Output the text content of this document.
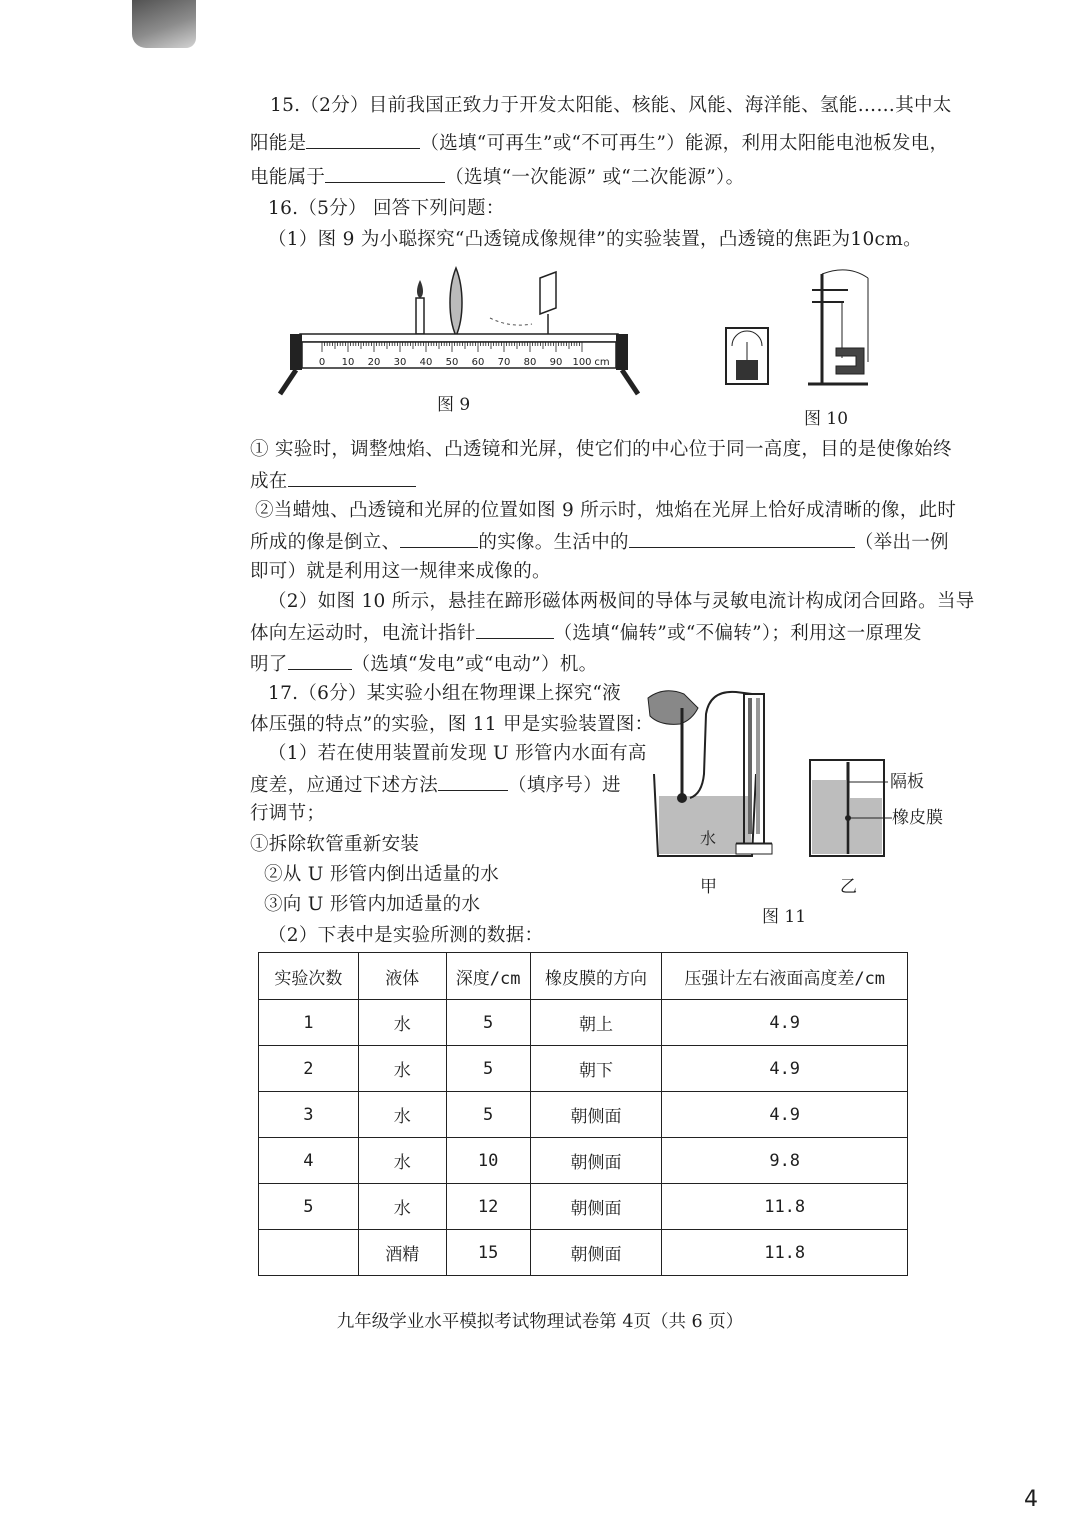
15.（2分）目前我国正致力于开发太阳能、核能、风能、海洋能、氢能……其中太
阳能是	（选填“可再生”或“不可再生”）能源，利用太阳能电池板发电，
电能属于	（选填“一次能源” 或“二次能源”）。
16.（5分） 回答下列问题：
（1）图 9 为小聪探究“凸透镜成像规律”的实验装置，凸透镜的焦距为10cm。
0 10 20 30 40 50 60 70 80 90 100 cm
图 9
图 10
① 实验时，调整烛焰、凸透镜和光屏，使它们的中心位于同一高度，目的是使像始终
成在
②当蜡烛、凸透镜和光屏的位置如图 9 所示时，烛焰在光屏上恰好成清晰的像，此时
所成的像是倒立、	的实像。生活中的	（举出一例
即可）就是利用这一规律来成像的。
（2）如图 10 所示，悬挂在蹄形磁体两极间的导体与灵敏电流计构成闭合回路。当导
体向左运动时，电流计指针	（选填“偏转”或“不偏转”）；利用这一原理发
明了	（选填“发电”或“电动”）机。
17.（6分）某实验小组在物理课上探究“液
体压强的特点”的实验，图 11 甲是实验装置图：
（1）若在使用装置前发现 U 形管内水面有高
度差，应通过下述方法	（填序号）进
行调节；
①拆除软管重新安装
②从 U 形管内倒出适量的水
③向 U 形管内加适量的水
（2）下表中是实验所测的数据：
水
隔板
橡皮膜
甲	乙
图 11
实验次数	液体	深度/cm	橡皮膜的方向	压强计左右液面高度差/cm
1	水	5	朝上	4.9
2	水	5	朝下	4.9
3	水	5	朝侧面	4.9
4	水	10	朝侧面	9.8
5	水	12	朝侧面	11.8
	酒精	15	朝侧面	11.8
九年级学业水平模拟考试物理试卷第 4页（共 6 页）
4
